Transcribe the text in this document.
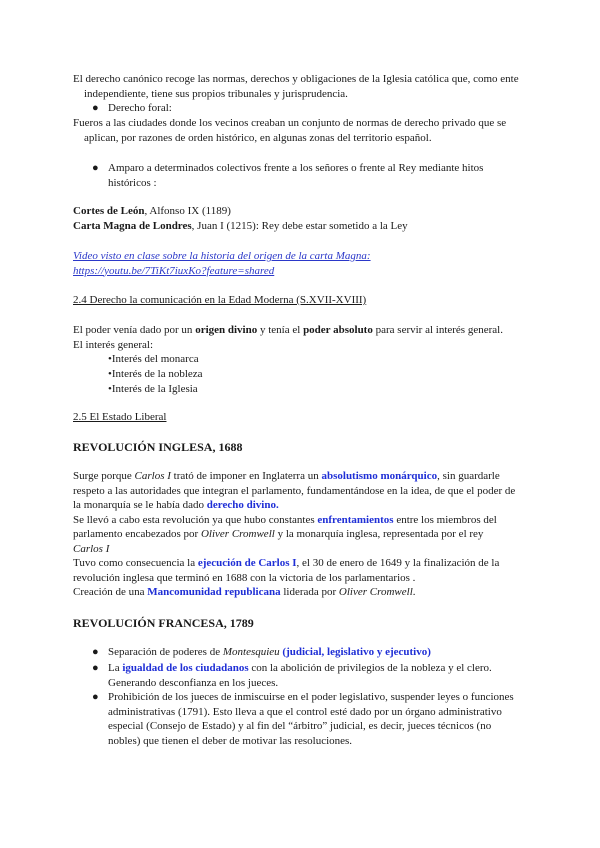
El derecho canónico recoge las normas, derechos y obligaciones de la Iglesia católica que, como ente
independiente, tiene sus propios tribunales y jurisprudencia.
● Derecho foral:
Fueros a las ciudades donde los vecinos creaban un conjunto de normas de derecho privado que se
aplican, por razones de orden histórico, en algunas zonas del territorio español.
● Amparo a determinados colectivos frente a los señores o frente al Rey mediante hitos
históricos :
Cortes de León, Alfonso IX (1189)
Carta Magna de Londres, Juan I (1215): Rey debe estar sometido a la Ley
Video visto en clase sobre la historia del origen de la carta Magna:
https://youtu.be/7TiKt7iuxKo?feature=shared
2.4 Derecho la comunicación en la Edad Moderna (S.XVII-XVIII)
El poder venía dado por un origen divino y tenía el poder absoluto para servir al interés general.
El interés general:
• Interés del monarca
• Interés de la nobleza
• Interés de la Iglesia
2.5 El Estado Liberal
REVOLUCIÓN INGLESA, 1688
Surge porque Carlos I trató de imponer en Inglaterra un absolutismo monárquico, sin guardarle
respeto a las autoridades que integran el parlamento, fundamentándose en la idea, de que el poder de
la monarquía se le había dado derecho divino.
Se llevó a cabo esta revolución ya que hubo constantes enfrentamientos entre los miembros del
parlamento encabezados por Oliver Cromwell y la monarquía inglesa, representada por el rey
Carlos I
Tuvo como consecuencia la ejecución de Carlos I, el 30 de enero de 1649 y la finalización de la
revolución inglesa que terminó en 1688 con la victoria de los parlamentarios .
Creación de una Mancomunidad republicana liderada por Oliver Cromwell.
REVOLUCIÓN FRANCESA, 1789
● Separación de poderes de Montesquieu (judicial, legislativo y ejecutivo)
● La igualdad de los ciudadanos con la abolición de privilegios de la nobleza y el clero.
Generando desconfianza en los jueces.
● Prohibición de los jueces de inmiscuirse en el poder legislativo, suspender leyes o funciones
administrativas (1791). Esto lleva a que el control esté dado por un órgano administrativo
especial (Consejo de Estado) y al fin del “árbitro” judicial, es decir, jueces técnicos (no
nobles) que tienen el deber de motivar las resoluciones.
